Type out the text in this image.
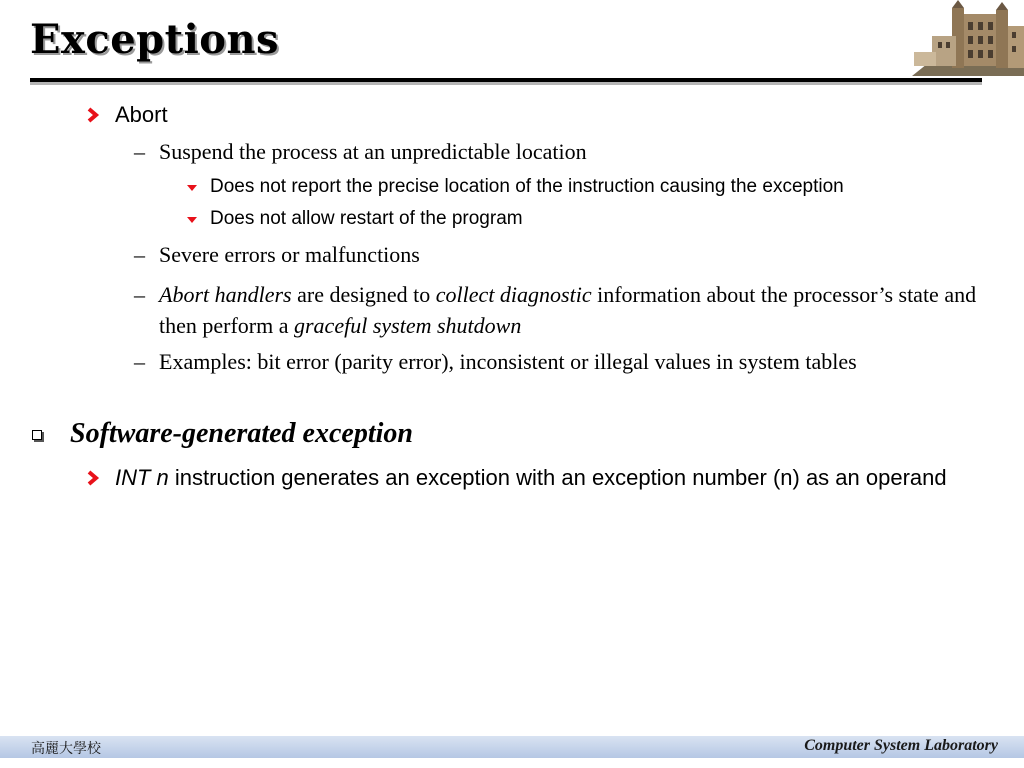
Exceptions
Abort
– Suspend the process at an unpredictable location
Does not report the precise location of the instruction causing the exception
Does not allow restart of the program
– Severe errors or malfunctions
– Abort handlers are designed to collect diagnostic information about the processor’s state and then perform a graceful system shutdown
– Examples: bit error (parity error), inconsistent or illegal values in system tables
Software-generated exception
INT n instruction generates an exception with an exception number (n) as an operand
高麗大學校	Computer System Laboratory
